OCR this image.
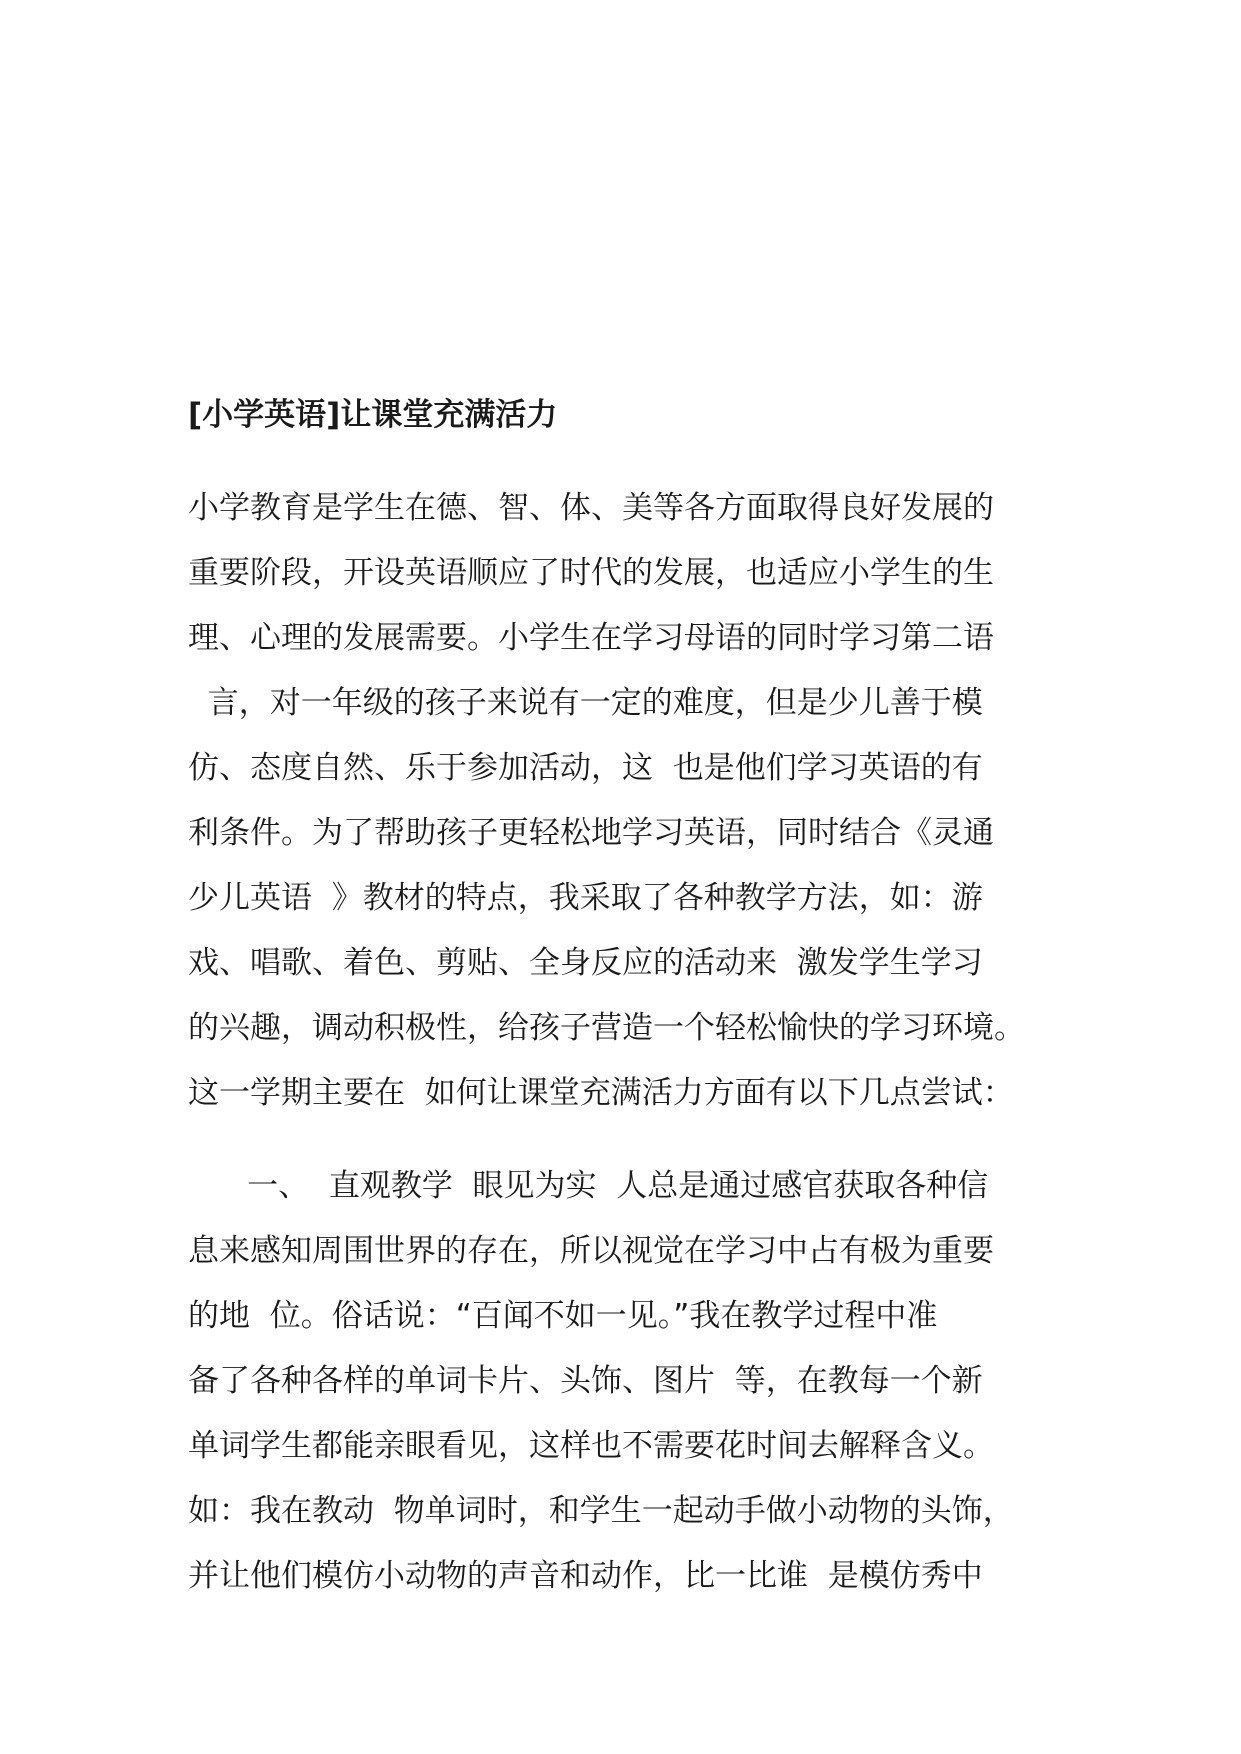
[小学英语]让课堂充满活力
小学教育是学生在德、智、体、美等各方面取得良好发展的
重要阶段，开设英语顺应了时代的发展，也适应小学生的生
理、心理的发展需要。小学生在学习母语的同时学习第二语
言，对一年级的孩子来说有一定的难度，但是少儿善于模
仿、态度自然、乐于参加活动，这  也是他们学习英语的有
利条件。为了帮助孩子更轻松地学习英语，同时结合《灵通
少儿英语  》教材的特点，我采取了各种教学方法，如：游
戏、唱歌、着色、剪贴、全身反应的活动来  激发学生学习
的兴趣，调动积极性，给孩子营造一个轻松愉快的学习环境。
这一学期主要在  如何让课堂充满活力方面有以下几点尝试：
一、  直观教学  眼见为实  人总是通过感官获取各种信
息来感知周围世界的存在，所以视觉在学习中占有极为重要
的地  位。俗话说：“百闻不如一见。”我在教学过程中准
备了各种各样的单词卡片、头饰、图片  等，在教每一个新
单词学生都能亲眼看见，这样也不需要花时间去解释含义。
如：我在教动  物单词时，和学生一起动手做小动物的头饰，
并让他们模仿小动物的声音和动作，比一比谁  是模仿秀中
